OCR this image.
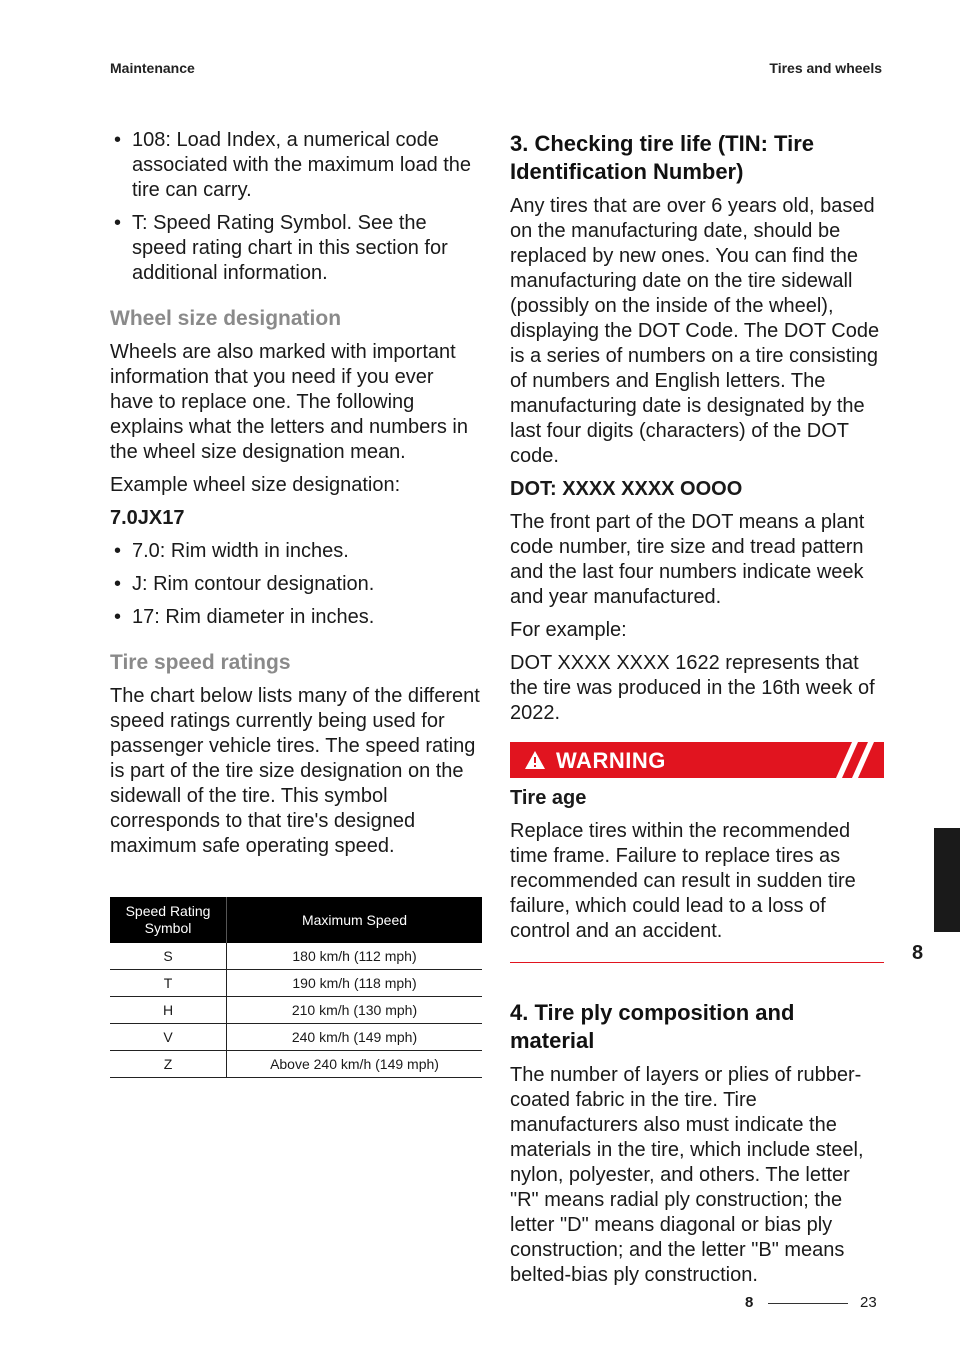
Maintenance	Tires and wheels
• 108: Load Index, a numerical code associated with the maximum load the tire can carry.
• T: Speed Rating Symbol. See the speed rating chart in this section for additional information.
Wheel size designation

Wheels are also marked with important information that you need if you ever have to replace one. The following explains what the letters and numbers in the wheel size designation mean.

Example wheel size designation:

7.0JX17

• 7.0: Rim width in inches.
• J: Rim contour designation.
• 17: Rim diameter in inches.
Tire speed ratings

The chart below lists many of the different speed ratings currently being used for passenger vehicle tires. The speed rating is part of the tire size designation on the sidewall of the tire. This symbol corresponds to that tire's designed maximum safe operating speed.

Speed Rating Symbol	Maximum Speed
S	180 km/h (112 mph)
T	190 km/h (118 mph)
H	210 km/h (130 mph)
V	240 km/h (149 mph)
Z	Above 240 km/h (149 mph)
3. Checking tire life (TIN: Tire Identification Number)

Any tires that are over 6 years old, based on the manufacturing date, should be replaced by new ones. You can find the manufacturing date on the tire sidewall (possibly on the inside of the wheel), displaying the DOT Code. The DOT Code is a series of numbers on a tire consisting of numbers and English letters. The manufacturing date is designated by the last four digits (characters) of the DOT code.

DOT: XXXX XXXX OOOO

The front part of the DOT means a plant code number, tire size and tread pattern and the last four numbers indicate week and year manufactured.

For example:

DOT XXXX XXXX 1622 represents that the tire was produced in the 16th week of 2022.

WARNING

Tire age

Replace tires within the recommended time frame. Failure to replace tires as recommended can result in sudden tire failure, which could lead to a loss of control and an accident.

4. Tire ply composition and material

The number of layers or plies of rubber-coated fabric in the tire. Tire manufacturers also must indicate the materials in the tire, which include steel, nylon, polyester, and others. The letter "R" means radial ply construction; the letter "D" means diagonal or bias ply construction; and the letter "B" means belted-bias ply construction.

8
8	23
